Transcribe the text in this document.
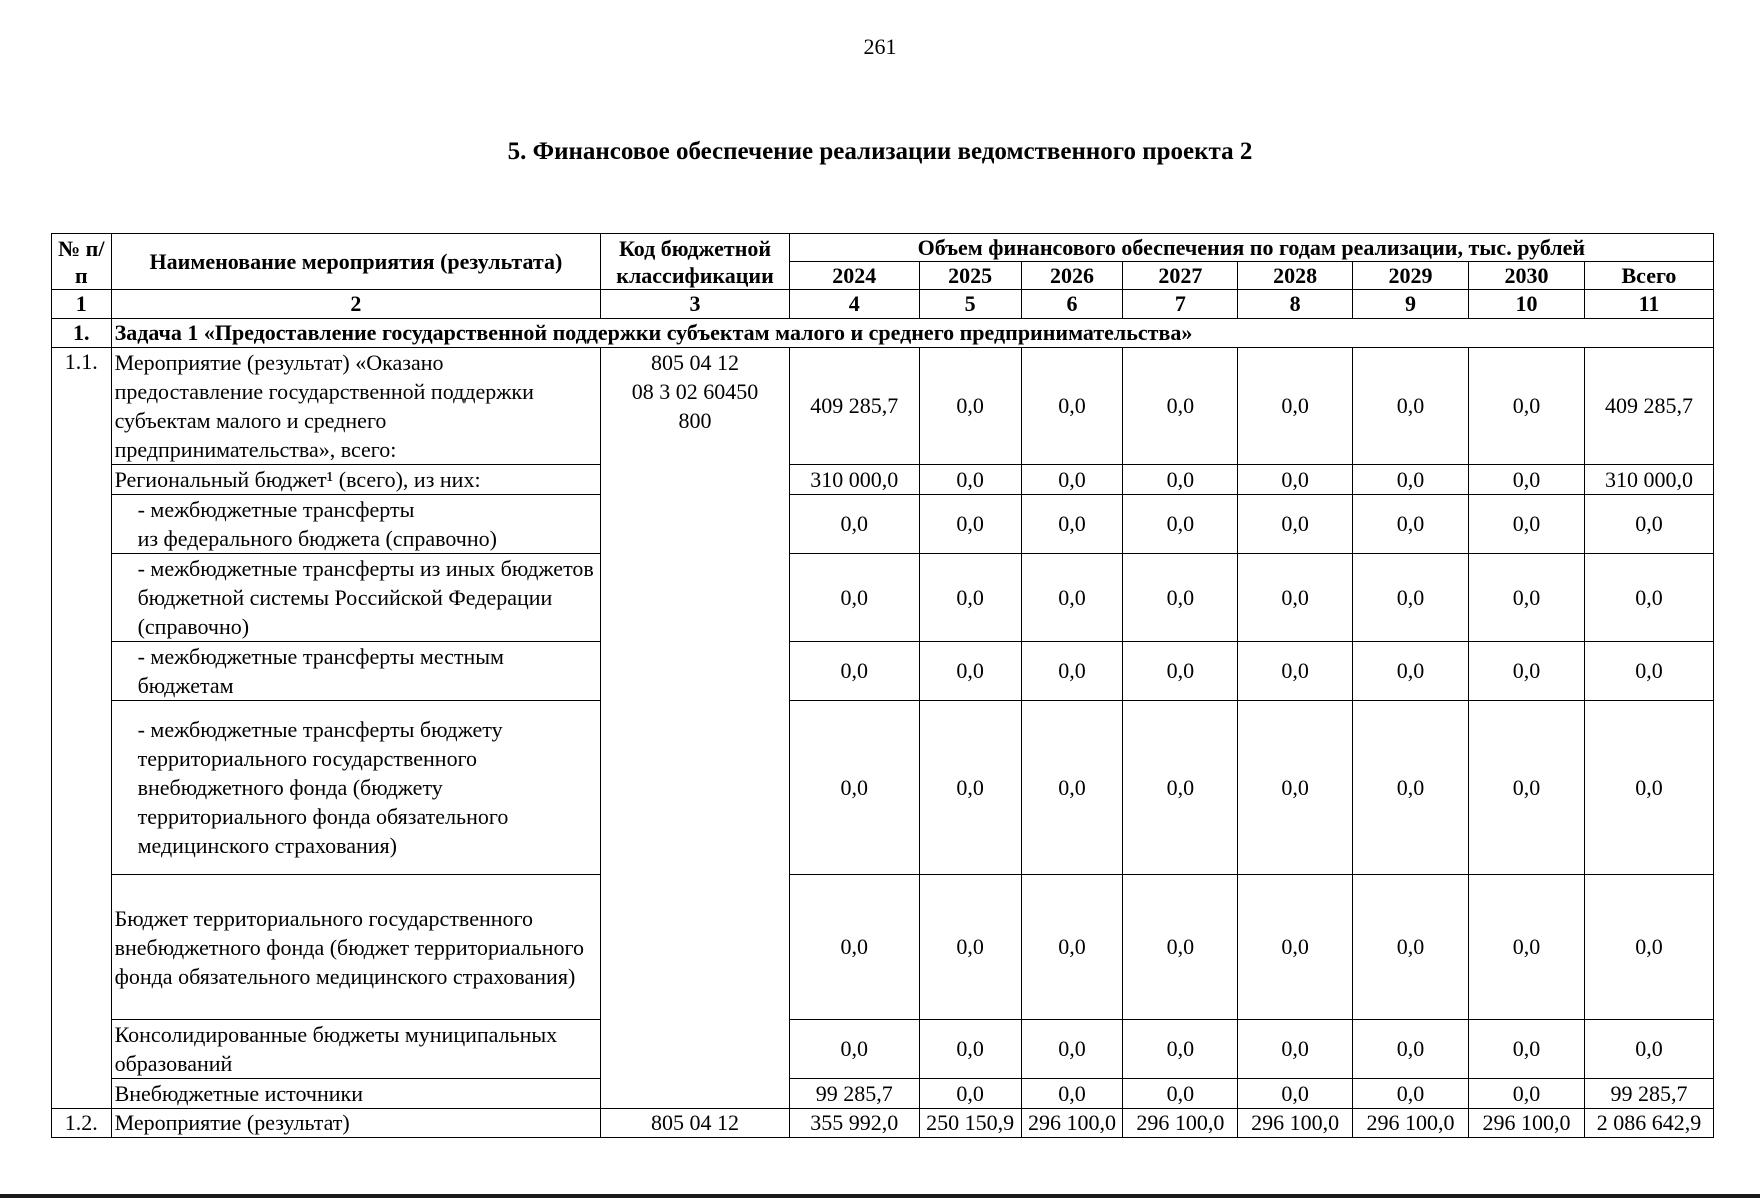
261
5. Финансовое обеспечение реализации ведомственного проекта 2
№ п/п	Наименование мероприятия (результата)	Код бюджетной классификации	Объем финансового обеспечения по годам реализации, тыс. рублей							
			2024	2025	2026	2027	2028	2029	2030	Всего
1	2	3	4	5	6	7	8	9	10	11
1.	Задача 1 «Предоставление государственной поддержки субъектам малого и среднего предпринимательства»									
1.1.	Мероприятие (результат) «Оказано предоставление государственной поддержки субъектам малого и среднего предпринимательства», всего:	805 04 12
08 3 02 60450
800	409 285,7	0,0	0,0	0,0	0,0	0,0	0,0	409 285,7
	Региональный бюджет¹ (всего), из них:		310 000,0	0,0	0,0	0,0	0,0	0,0	0,0	310 000,0
	- межбюджетные трансферты
из федерального бюджета (справочно)		0,0	0,0	0,0	0,0	0,0	0,0	0,0	0,0
	- межбюджетные трансферты из иных бюджетов бюджетной системы Российской Федерации (справочно)		0,0	0,0	0,0	0,0	0,0	0,0	0,0	0,0
	- межбюджетные трансферты местным бюджетам		0,0	0,0	0,0	0,0	0,0	0,0	0,0	0,0
	- межбюджетные трансферты бюджету территориального государственного внебюджетного фонда (бюджету территориального фонда обязательного медицинского страхования)		0,0	0,0	0,0	0,0	0,0	0,0	0,0	0,0
	Бюджет территориального государственного внебюджетного фонда (бюджет территориального фонда обязательного медицинского страхования)		0,0	0,0	0,0	0,0	0,0	0,0	0,0	0,0
	Консолидированные бюджеты муниципальных образований		0,0	0,0	0,0	0,0	0,0	0,0	0,0	0,0
	Внебюджетные источники		99 285,7	0,0	0,0	0,0	0,0	0,0	0,0	99 285,7
1.2.	Мероприятие (результат)	805 04 12	355 992,0	250 150,9	296 100,0	296 100,0	296 100,0	296 100,0	296 100,0	2 086 642,9
